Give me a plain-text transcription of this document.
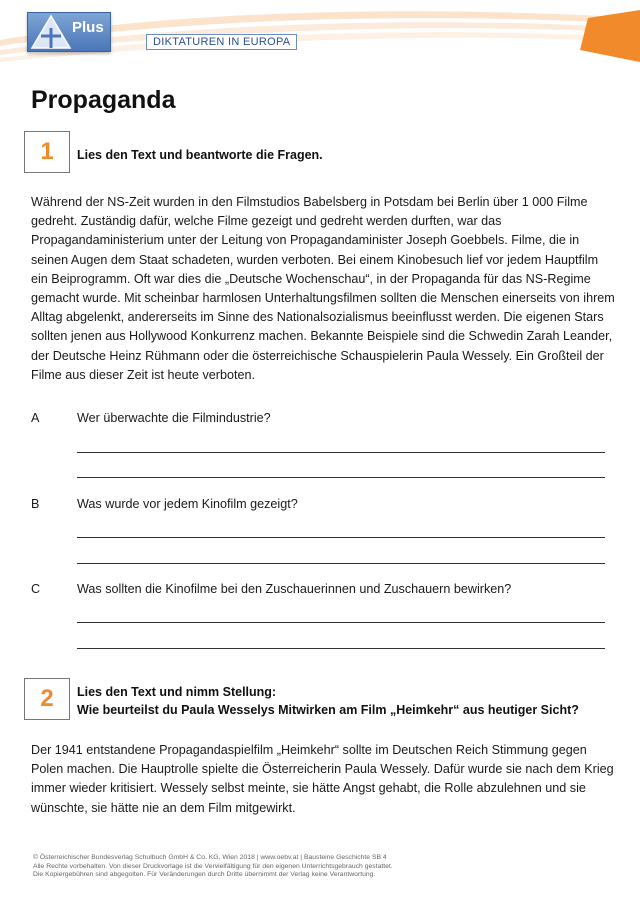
Plus
DIKTATUREN IN EUROPA
Propaganda
1	Lies den Text und beantworte die Fragen.

Während der NS-Zeit wurden in den Filmstudios Babelsberg in Potsdam bei Berlin über 1 000 Filme gedreht. Zuständig dafür, welche Filme gezeigt und gedreht werden durften, war das Propagandaministerium unter der Leitung von Propagandaminister Joseph Goebbels. Filme, die in seinen Augen dem Staat schadeten, wurden verboten. Bei einem Kinobesuch lief vor jedem Hauptfilm ein Beiprogramm. Oft war dies die „Deutsche Wochenschau“, in der Propaganda für das NS-Regime gemacht wurde. Mit scheinbar harmlosen Unterhaltungsfilmen sollten die Menschen einerseits von ihrem Alltag abgelenkt, andererseits im Sinne des Nationalsozialismus beeinflusst werden. Die eigenen Stars sollten jenen aus Hollywood Konkurrenz machen. Bekannte Beispiele sind die Schwedin Zarah Leander, der Deutsche Heinz Rühmann oder die österreichische Schauspielerin Paula Wessely. Ein Großteil der Filme aus dieser Zeit ist heute verboten.

A	Wer überwachte die Filmindustrie?
B	Was wurde vor jedem Kinofilm gezeigt?
C	Was sollten die Kinofilme bei den Zuschauerinnen und Zuschauern bewirken?
2	Lies den Text und nimm Stellung:
Wie beurteilst du Paula Wesselys Mitwirken am Film „Heimkehr“ aus heutiger Sicht?

Der 1941 entstandene Propagandaspielfilm „Heimkehr“ sollte im Deutschen Reich Stimmung gegen Polen machen. Die Hauptrolle spielte die Österreicherin Paula Wessely. Dafür wurde sie nach dem Krieg immer wieder kritisiert. Wessely selbst meinte, sie hätte Angst gehabt, die Rolle abzulehnen und sie wünschte, sie hätte nie an dem Film mitgewirkt.

© Österreichischer Bundesverlag Schulbuch GmbH & Co. KG, Wien 2018 | www.oebv.at | Bausteine Geschichte SB 4
Alle Rechte vorbehalten. Von dieser Druckvorlage ist die Vervielfältigung für den eigenen Unterrichtsgebrauch gestattet.
Die Kopiergebühren sind abgegolten. Für Veränderungen durch Dritte übernimmt der Verlag keine Verantwortung.
